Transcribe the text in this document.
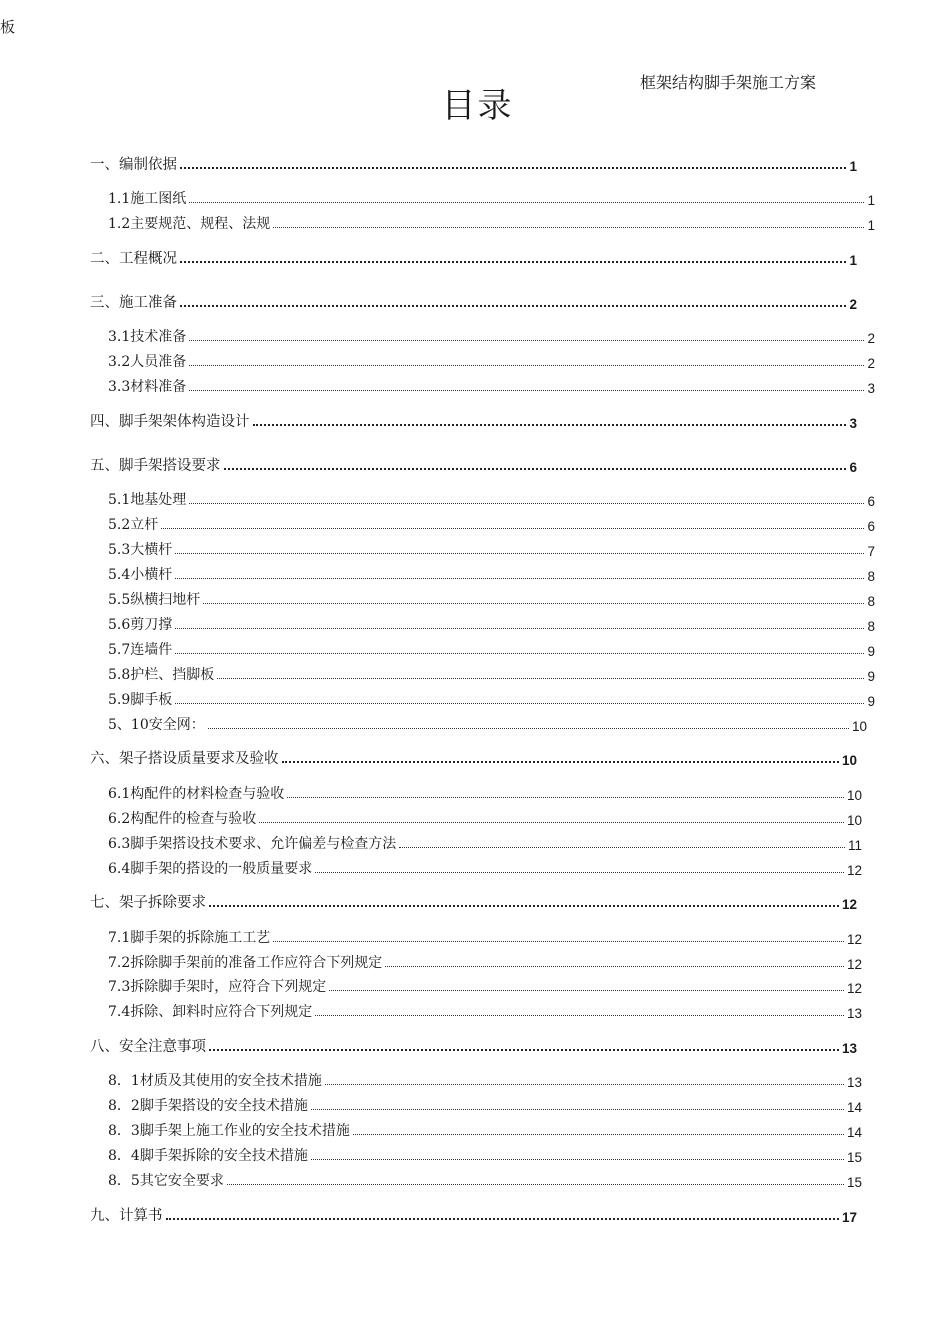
板
框架结构脚手架施工方案
目录
一、编制依据	1
1.1施工图纸	1
1.2主要规范、规程、法规	1
二、工程概况	1
三、施工准备	2
3.1技术准备	2
3.2人员准备	2
3.3材料准备	3
四、脚手架架体构造设计	3
五、脚手架搭设要求	6
5.1地基处理	6
5.2立杆	6
5.3大横杆	7
5.4小横杆	8
5.5纵横扫地杆	8
5.6剪刀撑	8
5.7连墙件	9
5.8护栏、挡脚板	9
5.9脚手板	9
5、10安全网：	10
六、架子搭设质量要求及验收	10
6.1构配件的材料检查与验收	10
6.2构配件的检查与验收	10
6.3脚手架搭设技术要求、允许偏差与检查方法	11
6.4脚手架的搭设的一般质量要求	12
七、架子拆除要求	12
7.1脚手架的拆除施工工艺	12
7.2拆除脚手架前的准备工作应符合下列规定	12
7.3拆除脚手架时，应符合下列规定	12
7.4拆除、卸料时应符合下列规定	13
八、安全注意事项	13
8．1材质及其使用的安全技术措施	13
8．2脚手架搭设的安全技术措施	14
8．3脚手架上施工作业的安全技术措施	14
8．4脚手架拆除的安全技术措施	15
8．5其它安全要求	15
九、计算书	17
